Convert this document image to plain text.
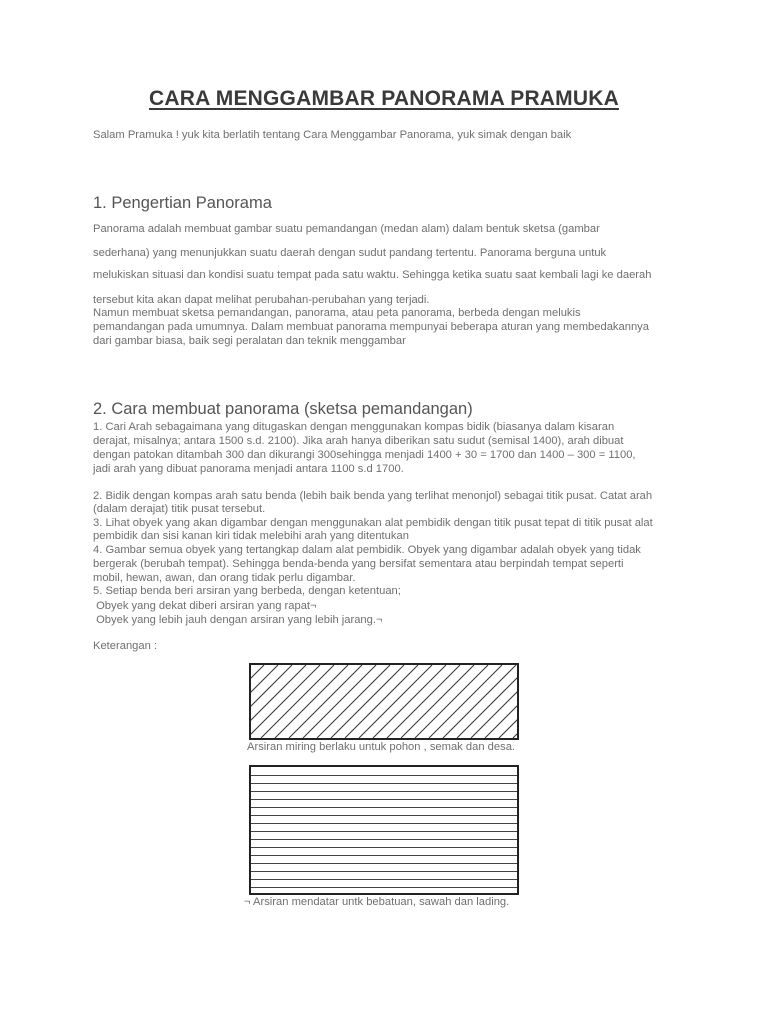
CARA MENGGAMBAR PANORAMA PRAMUKA
Salam Pramuka ! yuk kita berlatih tentang Cara Menggambar Panorama, yuk simak dengan baik
1. Pengertian Panorama
Panorama adalah membuat gambar suatu pemandangan (medan alam) dalam bentuk sketsa (gambar
sederhana) yang menunjukkan suatu daerah dengan sudut pandang tertentu. Panorama berguna untuk
melukiskan situasi dan kondisi suatu tempat pada satu waktu. Sehingga ketika suatu saat kembali lagi ke daerah
tersebut kita akan dapat melihat perubahan-perubahan yang terjadi.
Namun membuat sketsa pemandangan, panorama, atau peta panorama, berbeda dengan melukis
pemandangan pada umumnya. Dalam membuat panorama mempunyai beberapa aturan yang membedakannya
dari gambar biasa, baik segi peralatan dan teknik menggambar
2. Cara membuat panorama (sketsa pemandangan)
1. Cari Arah sebagaimana yang ditugaskan dengan menggunakan kompas bidik (biasanya dalam kisaran
derajat, misalnya; antara 1500 s.d. 2100). Jika arah hanya diberikan satu sudut (semisal 1400), arah dibuat
dengan patokan ditambah 300 dan dikurangi 300sehingga menjadi 1400 + 30 = 1700 dan 1400 – 300 = 1100,
jadi arah yang dibuat panorama menjadi antara 1100 s.d 1700.
2. Bidik dengan kompas arah satu benda (lebih baik benda yang terlihat menonjol) sebagai titik pusat. Catat arah
(dalam derajat) titik pusat tersebut.
3. Lihat obyek yang akan digambar dengan menggunakan alat pembidik dengan titik pusat tepat di titik pusat alat
pembidik dan sisi kanan kiri tidak melebihi arah yang ditentukan
4. Gambar semua obyek yang tertangkap dalam alat pembidik. Obyek yang digambar adalah obyek yang tidak
bergerak (berubah tempat). Sehingga benda-benda yang bersifat sementara atau berpindah tempat seperti
mobil, hewan, awan, dan orang tidak perlu digambar.
5. Setiap benda beri arsiran yang berbeda, dengan ketentuan;
Obyek yang dekat diberi arsiran yang rapat¬
Obyek yang lebih jauh dengan arsiran yang lebih jarang.¬
Keterangan :
Arsiran miring berlaku untuk pohon , semak dan desa.
¬ Arsiran mendatar untk bebatuan, sawah dan lading.
